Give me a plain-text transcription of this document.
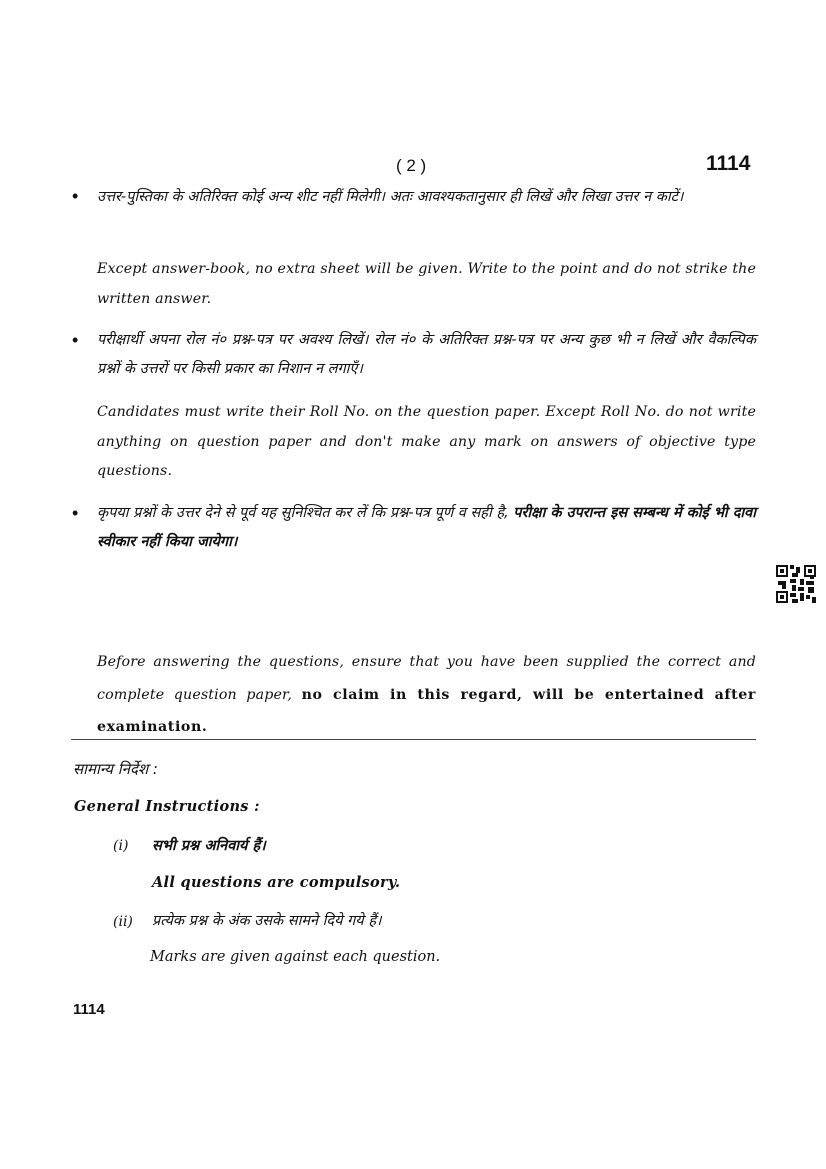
( 2 )	1114
• उत्तर-पुस्तिका के अतिरिक्त कोई अन्य शीट नहीं मिलेगी। अतः आवश्यकतानुसार ही लिखें और लिखा उत्तर न काटें।
Except answer-book, no extra sheet will be given. Write to the point and do not strike the written answer.
• परीक्षार्थी अपना रोल नं० प्रश्न-पत्र पर अवश्य लिखें। रोल नं० के अतिरिक्त प्रश्न-पत्र पर अन्य कुछ भी न लिखें और वैकल्पिक प्रश्नों के उत्तरों पर किसी प्रकार का निशान न लगाएँ।
Candidates must write their Roll No. on the question paper. Except Roll No. do not write anything on question paper and don't make any mark on answers of objective type questions.
• कृपया प्रश्नों के उत्तर देने से पूर्व यह सुनिश्चित कर लें कि प्रश्न-पत्र पूर्ण व सही है, परीक्षा के उपरान्त इस सम्बन्ध में कोई भी दावा स्वीकार नहीं किया जायेगा।
Before answering the questions, ensure that you have been supplied the correct and complete question paper, no claim in this regard, will be entertained after examination.
सामान्य निर्देश :
General Instructions :
(i) सभी प्रश्न अनिवार्य हैं।
All questions are compulsory.
(ii) प्रत्येक प्रश्न के अंक उसके सामने दिये गये हैं।
Marks are given against each question.
1114
